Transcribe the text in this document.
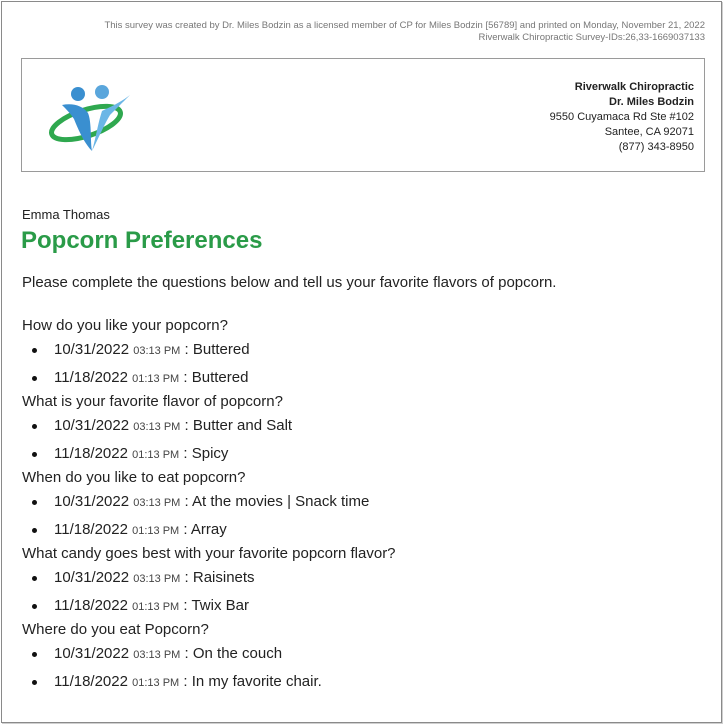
This survey was created by Dr. Miles Bodzin as a licensed member of CP for Miles Bodzin [56789] and printed on Monday, November 21, 2022
Riverwalk Chiropractic Survey-IDs:26,33-1669037133
Riverwalk Chiropractic
Dr. Miles Bodzin
9550 Cuyamaca Rd Ste #102
Santee, CA 92071
(877) 343-8950
Emma Thomas
Popcorn Preferences
Please complete the questions below and tell us your favorite flavors of popcorn.
How do you like your popcorn?
10/31/2022 03:13 PM : Buttered
11/18/2022 01:13 PM : Buttered
What is your favorite flavor of popcorn?
10/31/2022 03:13 PM : Butter and Salt
11/18/2022 01:13 PM : Spicy
When do you like to eat popcorn?
10/31/2022 03:13 PM : At the movies | Snack time
11/18/2022 01:13 PM : Array
What candy goes best with your favorite popcorn flavor?
10/31/2022 03:13 PM : Raisinets
11/18/2022 01:13 PM : Twix Bar
Where do you eat Popcorn?
10/31/2022 03:13 PM : On the couch
11/18/2022 01:13 PM : In my favorite chair.
